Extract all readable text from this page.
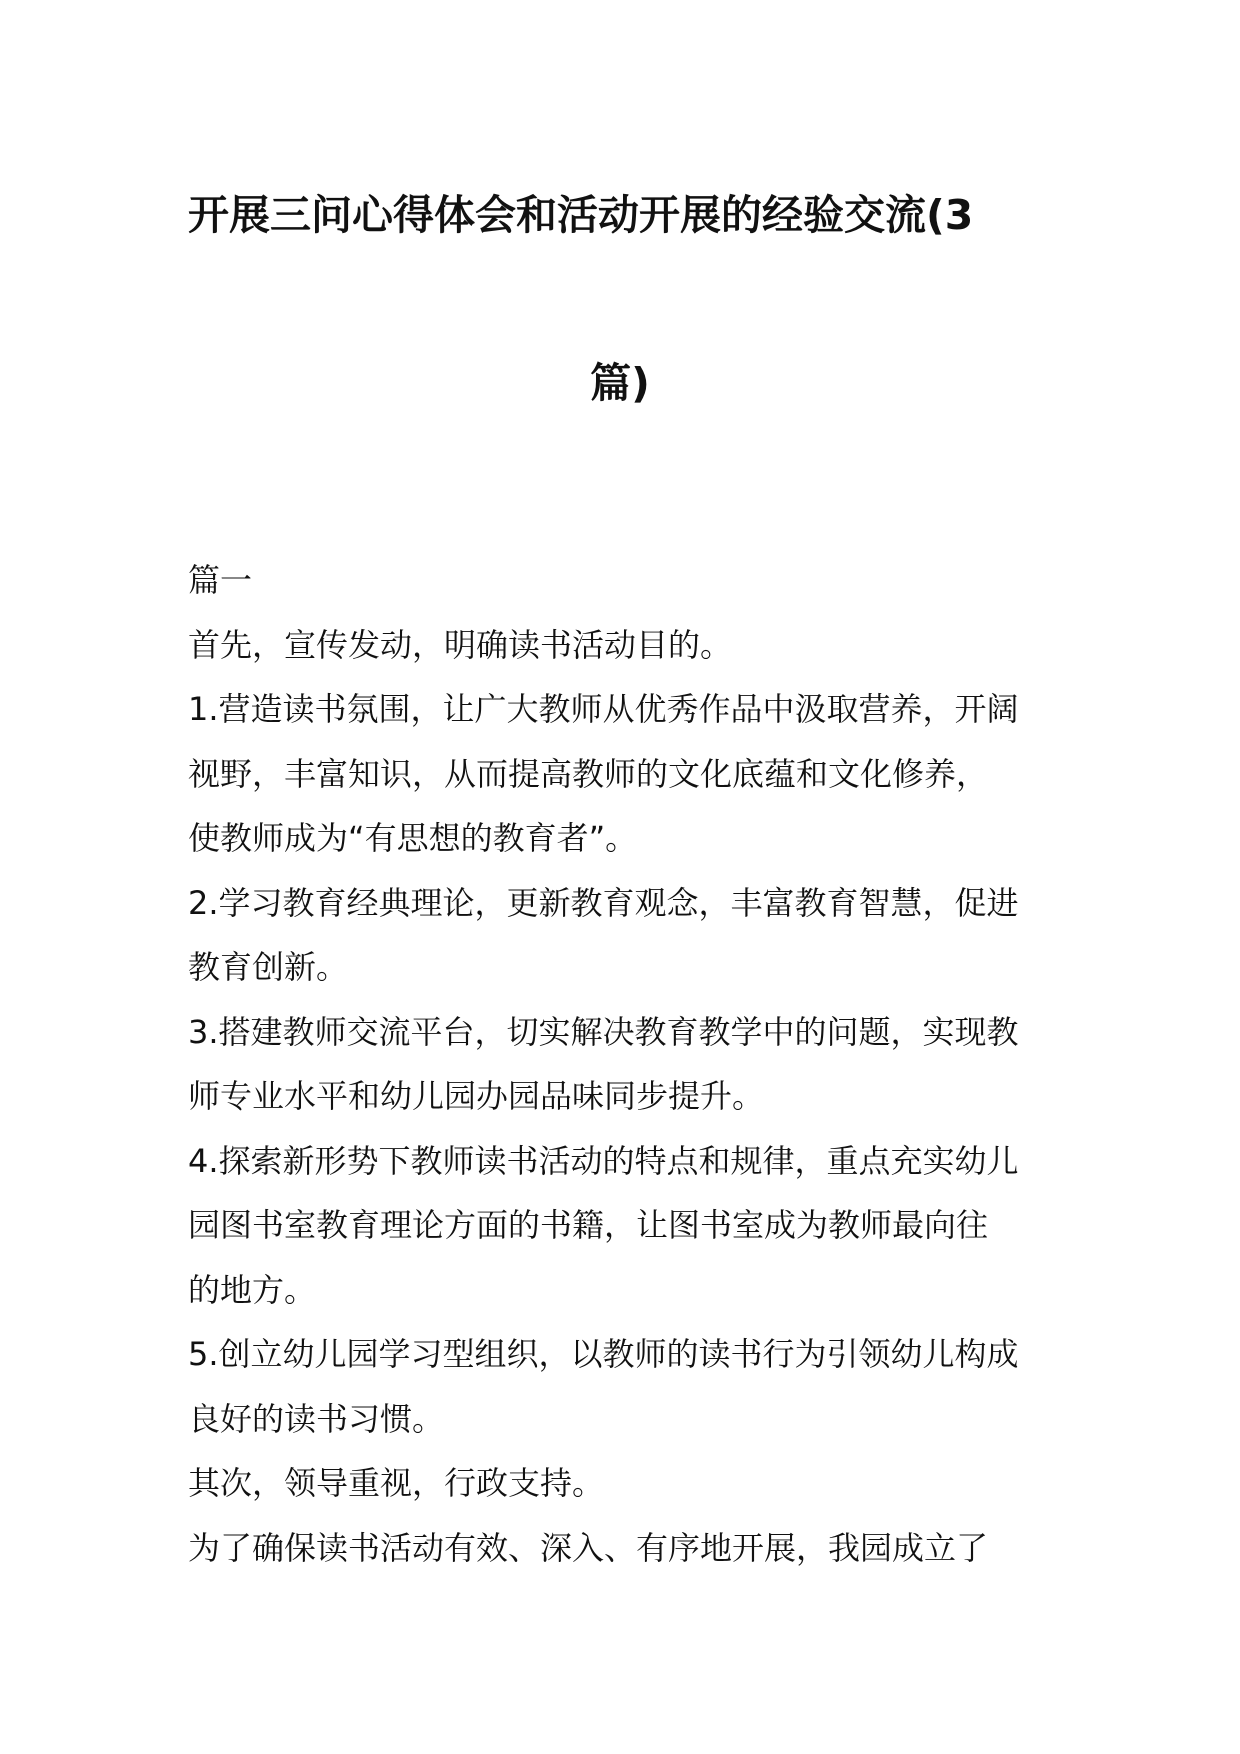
开展三问心得体会和活动开展的经验交流(3
篇)
篇一
首先，宣传发动，明确读书活动目的。
1.营造读书氛围，让广大教师从优秀作品中汲取营养，开阔
视野，丰富知识，从而提高教师的文化底蕴和文化修养，
使教师成为“有思想的教育者”。
2.学习教育经典理论，更新教育观念，丰富教育智慧，促进
教育创新。
3.搭建教师交流平台，切实解决教育教学中的问题，实现教
师专业水平和幼儿园办园品味同步提升。
4.探索新形势下教师读书活动的特点和规律，重点充实幼儿
园图书室教育理论方面的书籍，让图书室成为教师最向往
的地方。
5.创立幼儿园学习型组织，以教师的读书行为引领幼儿构成
良好的读书习惯。
其次，领导重视，行政支持。
为了确保读书活动有效、深入、有序地开展，我园成立了
